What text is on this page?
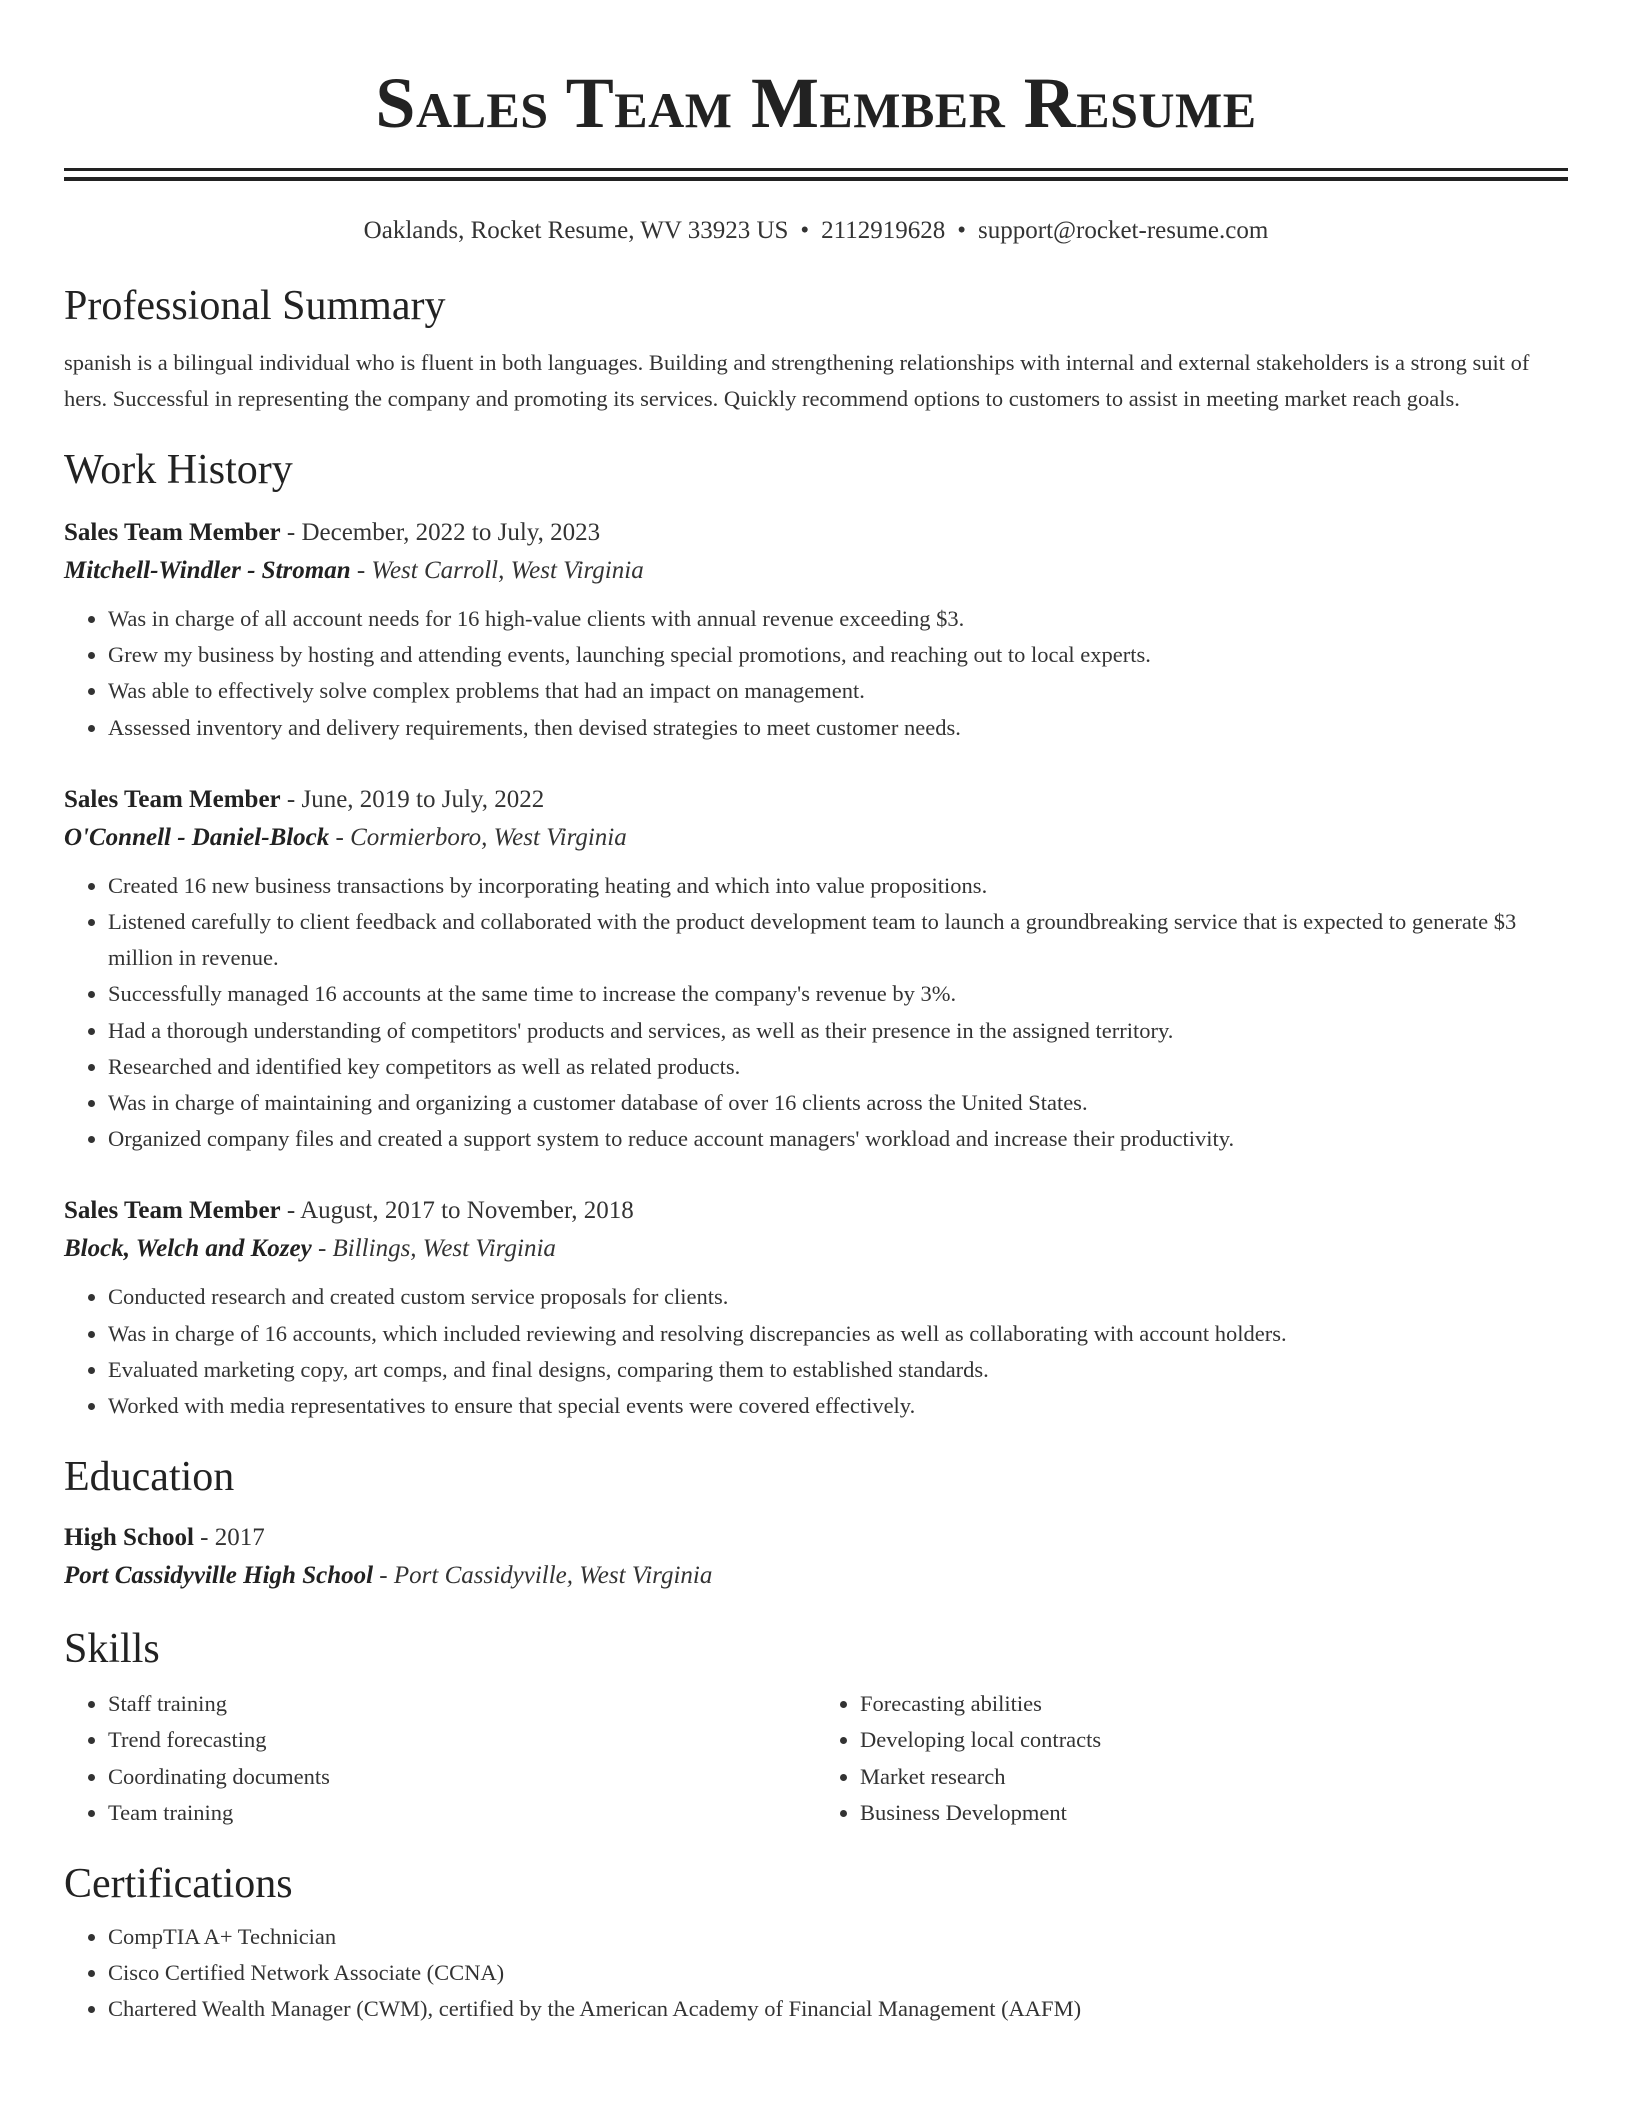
Sales Team Member Resume
Oaklands, Rocket Resume, WV 33923 US • 2112919628 • support@rocket-resume.com
Professional Summary

spanish is a bilingual individual who is fluent in both languages. Building and strengthening relationships with internal and external stakeholders is a strong suit of hers. Successful in representing the company and promoting its services. Quickly recommend options to customers to assist in meeting market reach goals.

Work History
Sales Team Member - December, 2022 to July, 2023
Mitchell-Windler - Stroman - West Carroll, West Virginia
• Was in charge of all account needs for 16 high-value clients with annual revenue exceeding $3.
• Grew my business by hosting and attending events, launching special promotions, and reaching out to local experts.
• Was able to effectively solve complex problems that had an impact on management.
• Assessed inventory and delivery requirements, then devised strategies to meet customer needs.
Sales Team Member - June, 2019 to July, 2022
O'Connell - Daniel-Block - Cormierboro, West Virginia
• Created 16 new business transactions by incorporating heating and which into value propositions.
• Listened carefully to client feedback and collaborated with the product development team to launch a groundbreaking service that is expected to generate $3 million in revenue.
• Successfully managed 16 accounts at the same time to increase the company's revenue by 3%.
• Had a thorough understanding of competitors' products and services, as well as their presence in the assigned territory.
• Researched and identified key competitors as well as related products.
• Was in charge of maintaining and organizing a customer database of over 16 clients across the United States.
• Organized company files and created a support system to reduce account managers' workload and increase their productivity.
Sales Team Member - August, 2017 to November, 2018
Block, Welch and Kozey - Billings, West Virginia
• Conducted research and created custom service proposals for clients.
• Was in charge of 16 accounts, which included reviewing and resolving discrepancies as well as collaborating with account holders.
• Evaluated marketing copy, art comps, and final designs, comparing them to established standards.
• Worked with media representatives to ensure that special events were covered effectively.
Education
High School - 2017
Port Cassidyville High School - Port Cassidyville, West Virginia
Skills
• Staff training
• Trend forecasting
• Coordinating documents
• Team training
• Forecasting abilities
• Developing local contracts
• Market research
• Business Development
Certifications
• CompTIA A+ Technician
• Cisco Certified Network Associate (CCNA)
• Chartered Wealth Manager (CWM), certified by the American Academy of Financial Management (AAFM)
